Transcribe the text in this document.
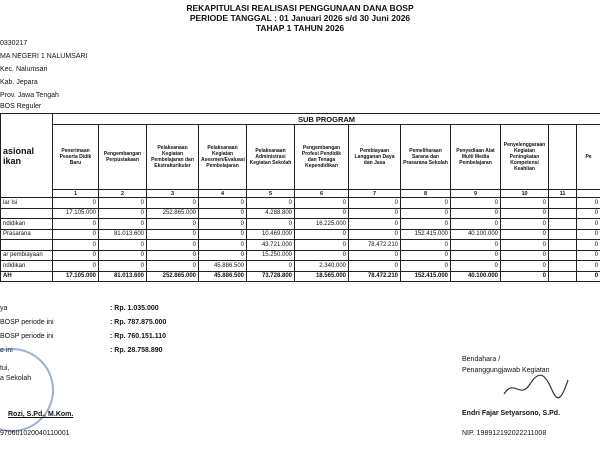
REKAPITULASI REALISASI PENGGUNAAN DANA BOSP
PERIODE TANGGAL : 01 Januari 2026 s/d 30 Juni 2026
TAHAP 1 TAHUN 2026
0330217
MA NEGERI 1 NALUMSARI
Kec. Nalumsari
Kab. Jepara
Prov. Jawa Tengah
BOS Reguler
asional
ikan	SUB PROGRAM											
	Penerimaan Peserta Didik Baru	Pengembangan Perpustakaan	Pelaksanaan Kegiatan Pembelajaran dan Ekstrakurikuler	Pelaksanaan Kegiatan Asesmen/Evaluasi Pembelajaran	Pelaksanaan Administrasi Kegiatan Sekolah	Pengembangan Profesi Pendidik dan Tenaga Kependidikan	Pembiayaan Langganan Daya dan Jasa	Pemeliharaan Sarana dan Prasarana Sekolah	Penyediaan Alat Multi Media Pembelajaran	Penyelenggaraan Kegiatan Peningkatan Kompetensi Keahlian		Pe
	1	2	3	4	5	6	7	8	9	10	11	
lar Isi	0	0	0	0	0	0	0	0	0	0		0
	17.105.000	0	252.865.000	0	4.288.800	0	0	0	0	0		0
ndidikan	0	0	0	0	0	16.225.000	0	0	0	0		0
Prasarana	0	81.013.600	0	0	10.469.000	0	0	152.415.000	40.100.000	0		0
	0	0	0	0	43.721.000	0	78.472.210	0	0	0		0
ar pembiayaan	0	0	0	0	15.250.000	0	0	0	0	0		0
ndidikan	0	0	0	45.886.500	0	2.340.000	0	0	0	0		0
AH	17.105.000	81.013.600	252.865.000	45.886.500	73.728.800	18.565.000	78.472.210	152.415.000	40.100.000	0		0
ya	: Rp. 1.035.000
BOSP periode ini	: Rp. 787.875.000
BOSP periode ini	: Rp. 760.151.110
e ini	: Rp. 28.758.890
tui,
a Sekolah
Rozi, S.Pd., M.Kom.
970601020040110001
Bendahara /
Penanggungjawab Kegiatan
Endri Fajar Setyarsono, S.Pd.
NIP. 198912192022211008
